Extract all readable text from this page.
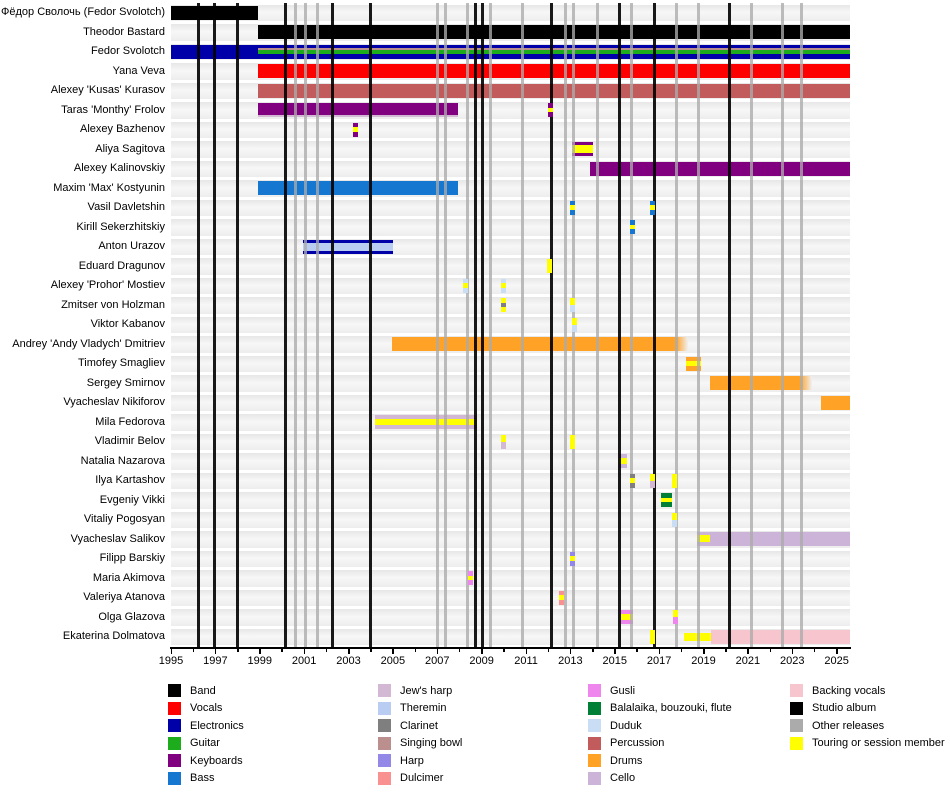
Фёдор Сволочь (Fedor Svolotch)
Theodor Bastard
Fedor Svolotch
Yana Veva
Alexey 'Kusas' Kurasov
Taras 'Monthy' Frolov
Alexey Bazhenov
Aliya Sagitova
Alexey Kalinovskiy
Maxim 'Max' Kostyunin
Vasil Davletshin
Kirill Sekerzhitskiy
Anton Urazov
Eduard Dragunov
Alexey 'Prohor' Mostiev
Zmitser von Holzman
Viktor Kabanov
Andrey 'Andy Vladych' Dmitriev
Timofey Smagliev
Sergey Smirnov
Vyacheslav Nikiforov
Mila Fedorova
Vladimir Belov
Natalia Nazarova
Ilya Kartashov
Evgeniy Vikki
Vitaliy Pogosyan
Vyacheslav Salikov
Filipp Barskiy
Maria Akimova
Valeriya Atanova
Olga Glazova
Ekaterina Dolmatova
1995 1997 1999 2001 2003 2005 2007 2009 2011 2013 2015 2017 2019 2021 2023 2025
Band
Vocals
Electronics
Guitar
Keyboards
Bass
Jew's harp
Theremin
Clarinet
Singing bowl
Harp
Dulcimer
Gusli
Balalaika, bouzouki, flute
Duduk
Percussion
Drums
Cello
Backing vocals
Studio album
Other releases
Touring or session member
